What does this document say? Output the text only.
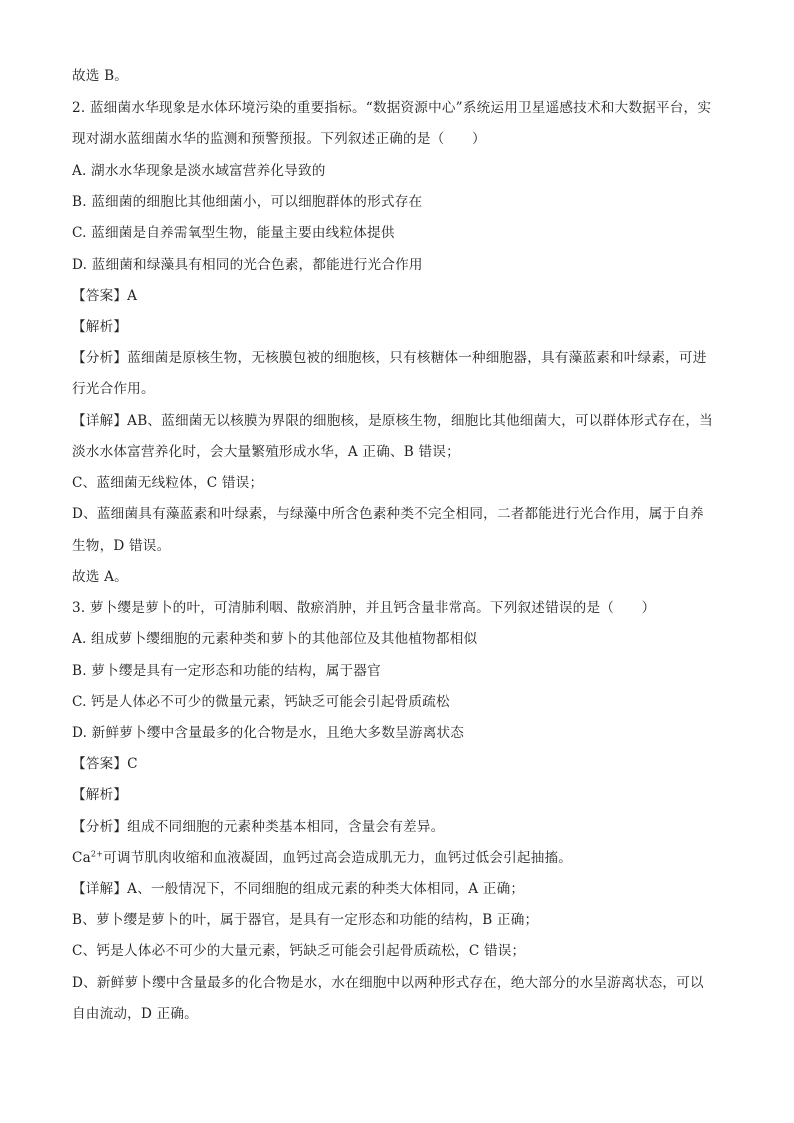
故选 B。
2. 蓝细菌水华现象是水体环境污染的重要指标。“数据资源中心”系统运用卫星遥感技术和大数据平台，实
现对湖水蓝细菌水华的监测和预警预报。下列叙述正确的是（　　）
A. 湖水水华现象是淡水域富营养化导致的
B. 蓝细菌的细胞比其他细菌小，可以细胞群体的形式存在
C. 蓝细菌是自养需氧型生物，能量主要由线粒体提供
D. 蓝细菌和绿藻具有相同的光合色素，都能进行光合作用
【答案】A
【解析】
【分析】蓝细菌是原核生物，无核膜包被的细胞核，只有核糖体一种细胞器，具有藻蓝素和叶绿素，可进
行光合作用。
【详解】AB、蓝细菌无以核膜为界限的细胞核，是原核生物，细胞比其他细菌大，可以群体形式存在，当
淡水水体富营养化时，会大量繁殖形成水华，A 正确、B 错误；
C、蓝细菌无线粒体，C 错误；
D、蓝细菌具有藻蓝素和叶绿素，与绿藻中所含色素种类不完全相同，二者都能进行光合作用，属于自养
生物，D 错误。
故选 A。
3. 萝卜缨是萝卜的叶，可清肺利咽、散瘀消肿，并且钙含量非常高。下列叙述错误的是（　　）
A. 组成萝卜缨细胞的元素种类和萝卜的其他部位及其他植物都相似
B. 萝卜缨是具有一定形态和功能的结构，属于器官
C. 钙是人体必不可少的微量元素，钙缺乏可能会引起骨质疏松
D. 新鲜萝卜缨中含量最多的化合物是水，且绝大多数呈游离状态
【答案】C
【解析】
【分析】组成不同细胞的元素种类基本相同，含量会有差异。
$Ca^{2+}$可调节肌肉收缩和血液凝固，血钙过高会造成肌无力，血钙过低会引起抽搐。
【详解】A、一般情况下，不同细胞的组成元素的种类大体相同，A 正确；
B、萝卜缨是萝卜的叶，属于器官，是具有一定形态和功能的结构，B 正确；
C、钙是人体必不可少的大量元素，钙缺乏可能会引起骨质疏松，C 错误；
D、新鲜萝卜缨中含量最多的化合物是水，水在细胞中以两种形式存在，绝大部分的水呈游离状态，可以
自由流动，D 正确。
